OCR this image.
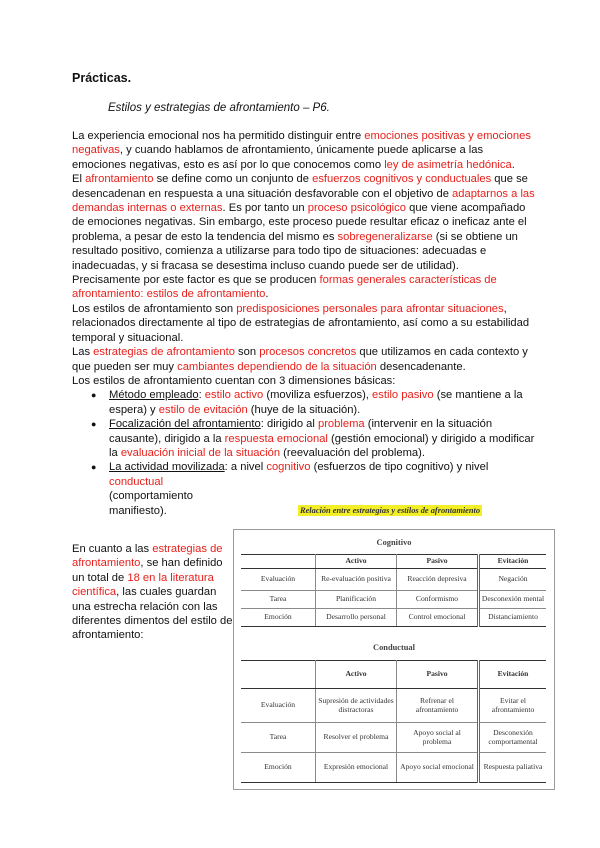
Prácticas.
Estilos y estrategias de afrontamiento – P6.

La experiencia emocional nos ha permitido distinguir entre emociones positivas y emociones negativas, y cuando hablamos de afrontamiento, únicamente puede aplicarse a las emociones negativas, esto es así por lo que conocemos como ley de asimetría hedónica.

El afrontamiento se define como un conjunto de esfuerzos cognitivos y conductuales que se desencadenan en respuesta a una situación desfavorable con el objetivo de adaptarnos a las demandas internas o externas. Es por tanto un proceso psicológico que viene acompañado de emociones negativas. Sin embargo, este proceso puede resultar eficaz o ineficaz ante el problema, a pesar de esto la tendencia del mismo es sobregeneralizarse (si se obtiene un resultado positivo, comienza a utilizarse para todo tipo de situaciones: adecuadas e inadecuadas, y si fracasa se desestima incluso cuando puede ser de utilidad).

Precisamente por este factor es que se producen formas generales características de afrontamiento: estilos de afrontamiento.

Los estilos de afrontamiento son predisposiciones personales para afrontar situaciones, relacionados directamente al tipo de estrategias de afrontamiento, así como a su estabilidad temporal y situacional.

Las estrategias de afrontamiento son procesos concretos que utilizamos en cada contexto y que pueden ser muy cambiantes dependiendo de la situación desencadenante.

Los estilos de afrontamiento cuentan con 3 dimensiones básicas:

● Método empleado: estilo activo (moviliza esfuerzos), estilo pasivo (se mantiene a la espera) y estilo de evitación (huye de la situación).
● Focalización del afrontamiento: dirigido al problema (intervenir en la situación causante), dirigido a la respuesta emocional (gestión emocional) y dirigido a modificar la evaluación inicial de la situación (reevaluación del problema).
● La actividad movilizada: a nivel cognitivo (esfuerzos de tipo cognitivo) y nivel
conductual
(comportamiento
manifiesto).
En cuanto a las estrategias de afrontamiento, se han definido un total de 18 en la literatura científica, las cuales guardan una estrecha relación con las diferentes dimentos del estilo de afrontamiento:
Relación entre estrategias y estilos de afrontamiento
Cognitivo
	Activo	Pasivo	Evitación
Evaluación	Re-evaluación positiva	Reacción depresiva	Negación
Tarea	Planificación	Conformismo	Desconexión mental
Emoción	Desarrollo personal	Control emocional	Distanciamiento
Conductual
	Activo	Pasivo	Evitación
Evaluación	Supresión de actividades distractoras	Refrenar el afrontamiento	Evitar el afrontamiento
Tarea	Resolver el problema	Apoyo social al problema	Desconexión comportamental
Emoción	Expresión emocional	Apoyo social emocional	Respuesta paliativa
